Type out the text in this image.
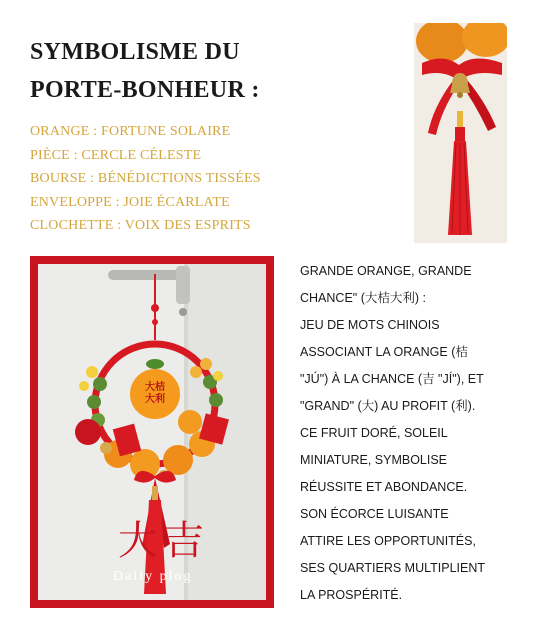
SYMBOLISME DU
PORTE-BONHEUR :
ORANGE : FORTUNE SOLAIRE
PIÈCE : CERCLE CÉLESTE
BOURSE : BÉNÉDICTIONS TISSÉES
ENVELOPPE : JOIE ÉCARLATE
CLOCHETTE : VOIX DES ESPRITS
大桔
大利
大吉
Daily plog

GRANDE ORANGE, GRANDE

CHANCE" (大桔大利) :

JEU DE MOTS CHINOIS

ASSOCIANT LA ORANGE (桔

"JÚ") À LA CHANCE (吉 "JÍ"), ET

"GRAND" (大) AU PROFIT (利).

CE FRUIT DORÉ, SOLEIL

MINIATURE, SYMBOLISE

RÉUSSITE ET ABONDANCE.

SON ÉCORCE LUISANTE

ATTIRE LES OPPORTUNITÉS,

SES QUARTIERS MULTIPLIENT

LA PROSPÉRITÉ.
